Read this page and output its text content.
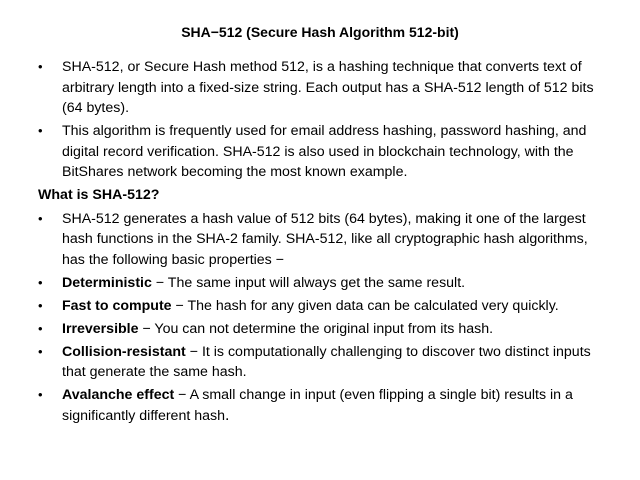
SHA−512 (Secure Hash Algorithm 512-bit)
•	SHA-512, or Secure Hash method 512, is a hashing technique that converts text of arbitrary length into a fixed-size string. Each output has a SHA-512 length of 512 bits (64 bytes).
•	This algorithm is frequently used for email address hashing, password hashing, and digital record verification. SHA-512 is also used in blockchain technology, with the BitShares network becoming the most known example.
What is SHA-512?
•	SHA-512 generates a hash value of 512 bits (64 bytes), making it one of the largest hash functions in the SHA-2 family. SHA-512, like all cryptographic hash algorithms, has the following basic properties −
•	Deterministic − The same input will always get the same result.
•	Fast to compute − The hash for any given data can be calculated very quickly.
•	Irreversible − You can not determine the original input from its hash.
•	Collision-resistant − It is computationally challenging to discover two distinct inputs that generate the same hash.
•	Avalanche effect − A small change in input (even flipping a single bit) results in a significantly different hash.
